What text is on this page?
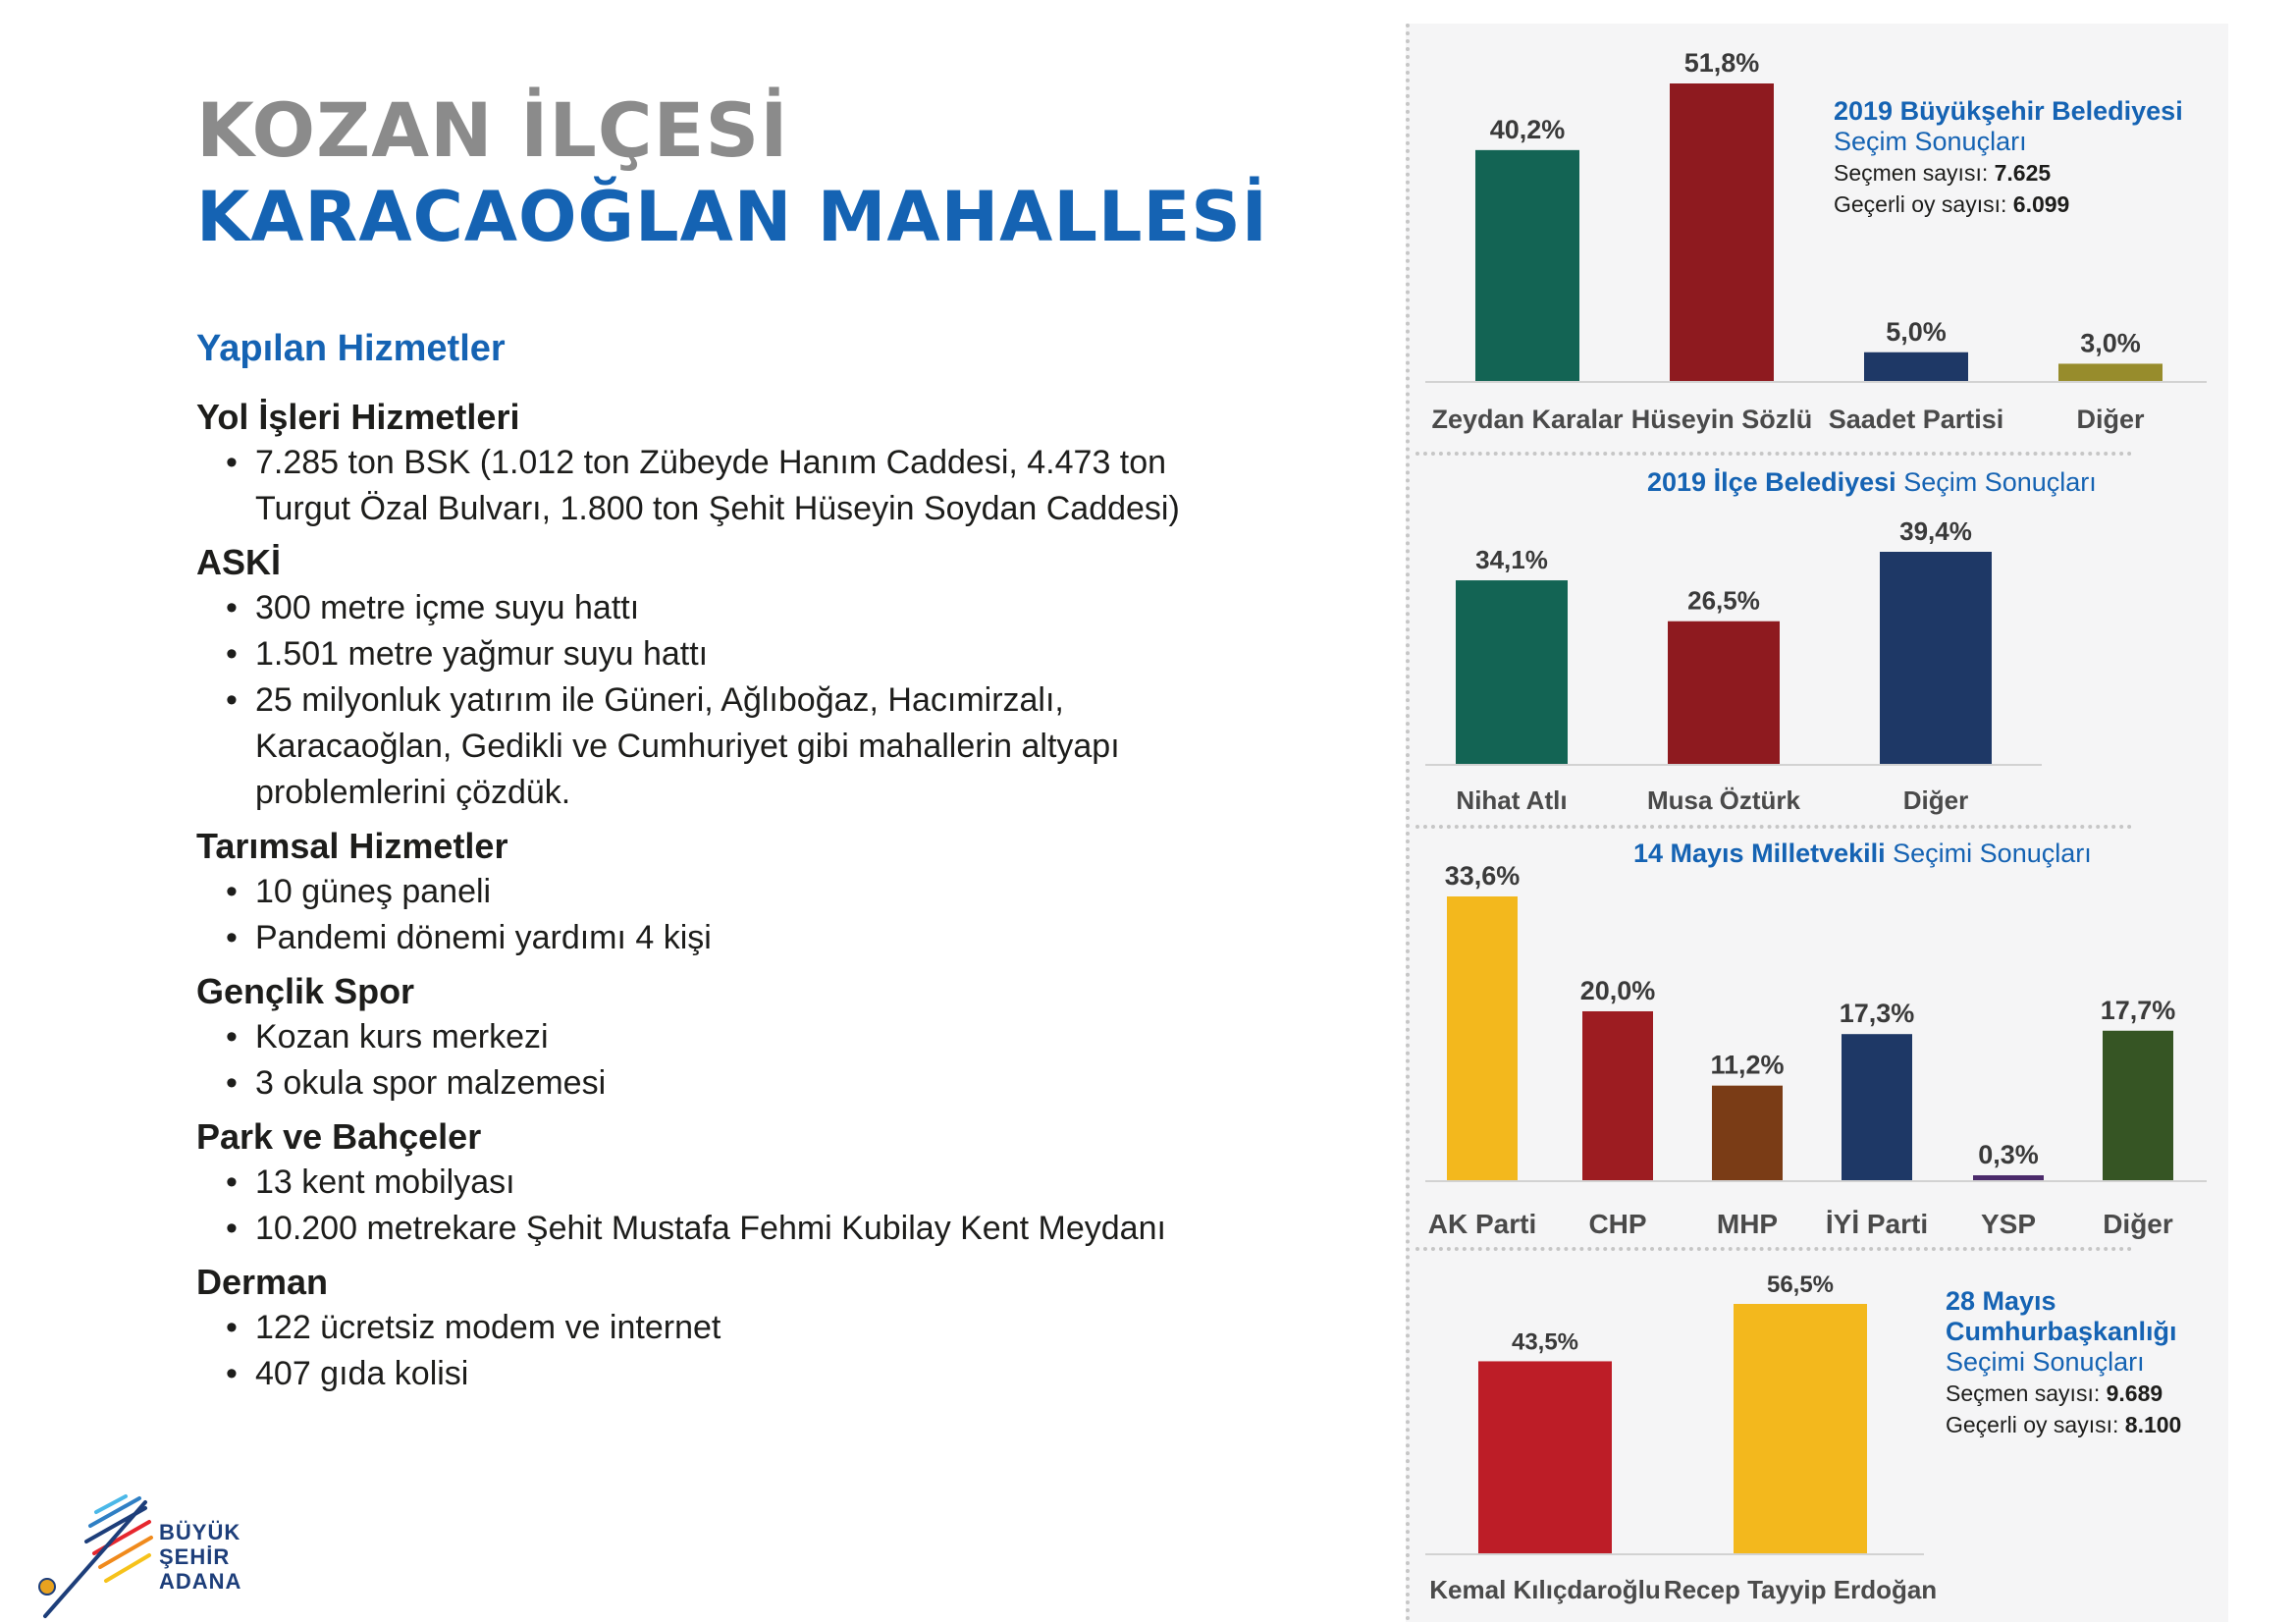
KOZAN İLÇESİ
KARACAOĞLAN MAHALLESİ
Yapılan Hizmetler
Yol İşleri Hizmetleri
• 7.285 ton BSK (1.012 ton Zübeyde Hanım Caddesi, 4.473 ton Turgut Özal Bulvarı, 1.800 ton Şehit Hüseyin Soydan Caddesi)
ASKİ
• 300 metre içme suyu hattı
• 1.501 metre yağmur suyu hattı
• 25 milyonluk yatırım ile Güneri, Ağlıboğaz, Hacımirzalı, Karacaoğlan, Gedikli ve Cumhuriyet gibi mahallerin altyapı problemlerini çözdük.
Tarımsal Hizmetler
• 10 güneş paneli
• Pandemi dönemi yardımı 4 kişi
Gençlik Spor
• Kozan kurs merkezi
• 3 okula spor malzemesi
Park ve Bahçeler
• 13 kent mobilyası
• 10.200 metrekare Şehit Mustafa Fehmi Kubilay Kent Meydanı
Derman
• 122 ücretsiz modem ve internet
• 407 gıda kolisi
BÜYÜK
ŞEHİR
ADANA
40,2%
Zeydan Karalar
51,8%
Hüseyin Sözlü
5,0%
Saadet Partisi
3,0%
Diğer
34,1%
Nihat Atlı
26,5%
Musa Öztürk
39,4%
Diğer
33,6%
AK Parti
20,0%
CHP
11,2%
MHP
17,3%
İYİ Parti
0,3%
YSP
17,7%
Diğer
43,5%
Kemal Kılıçdaroğlu
56,5%
Recep Tayyip Erdoğan
2019 Büyükşehir Belediyesi
Seçim Sonuçları
Seçmen sayısı: 7.625
Geçerli oy sayısı: 6.099
2019 İlçe Belediyesi Seçim Sonuçları
14 Mayıs Milletvekili Seçimi Sonuçları
28 Mayıs
Cumhurbaşkanlığı
Seçimi Sonuçları
Seçmen sayısı: 9.689
Geçerli oy sayısı: 8.100
